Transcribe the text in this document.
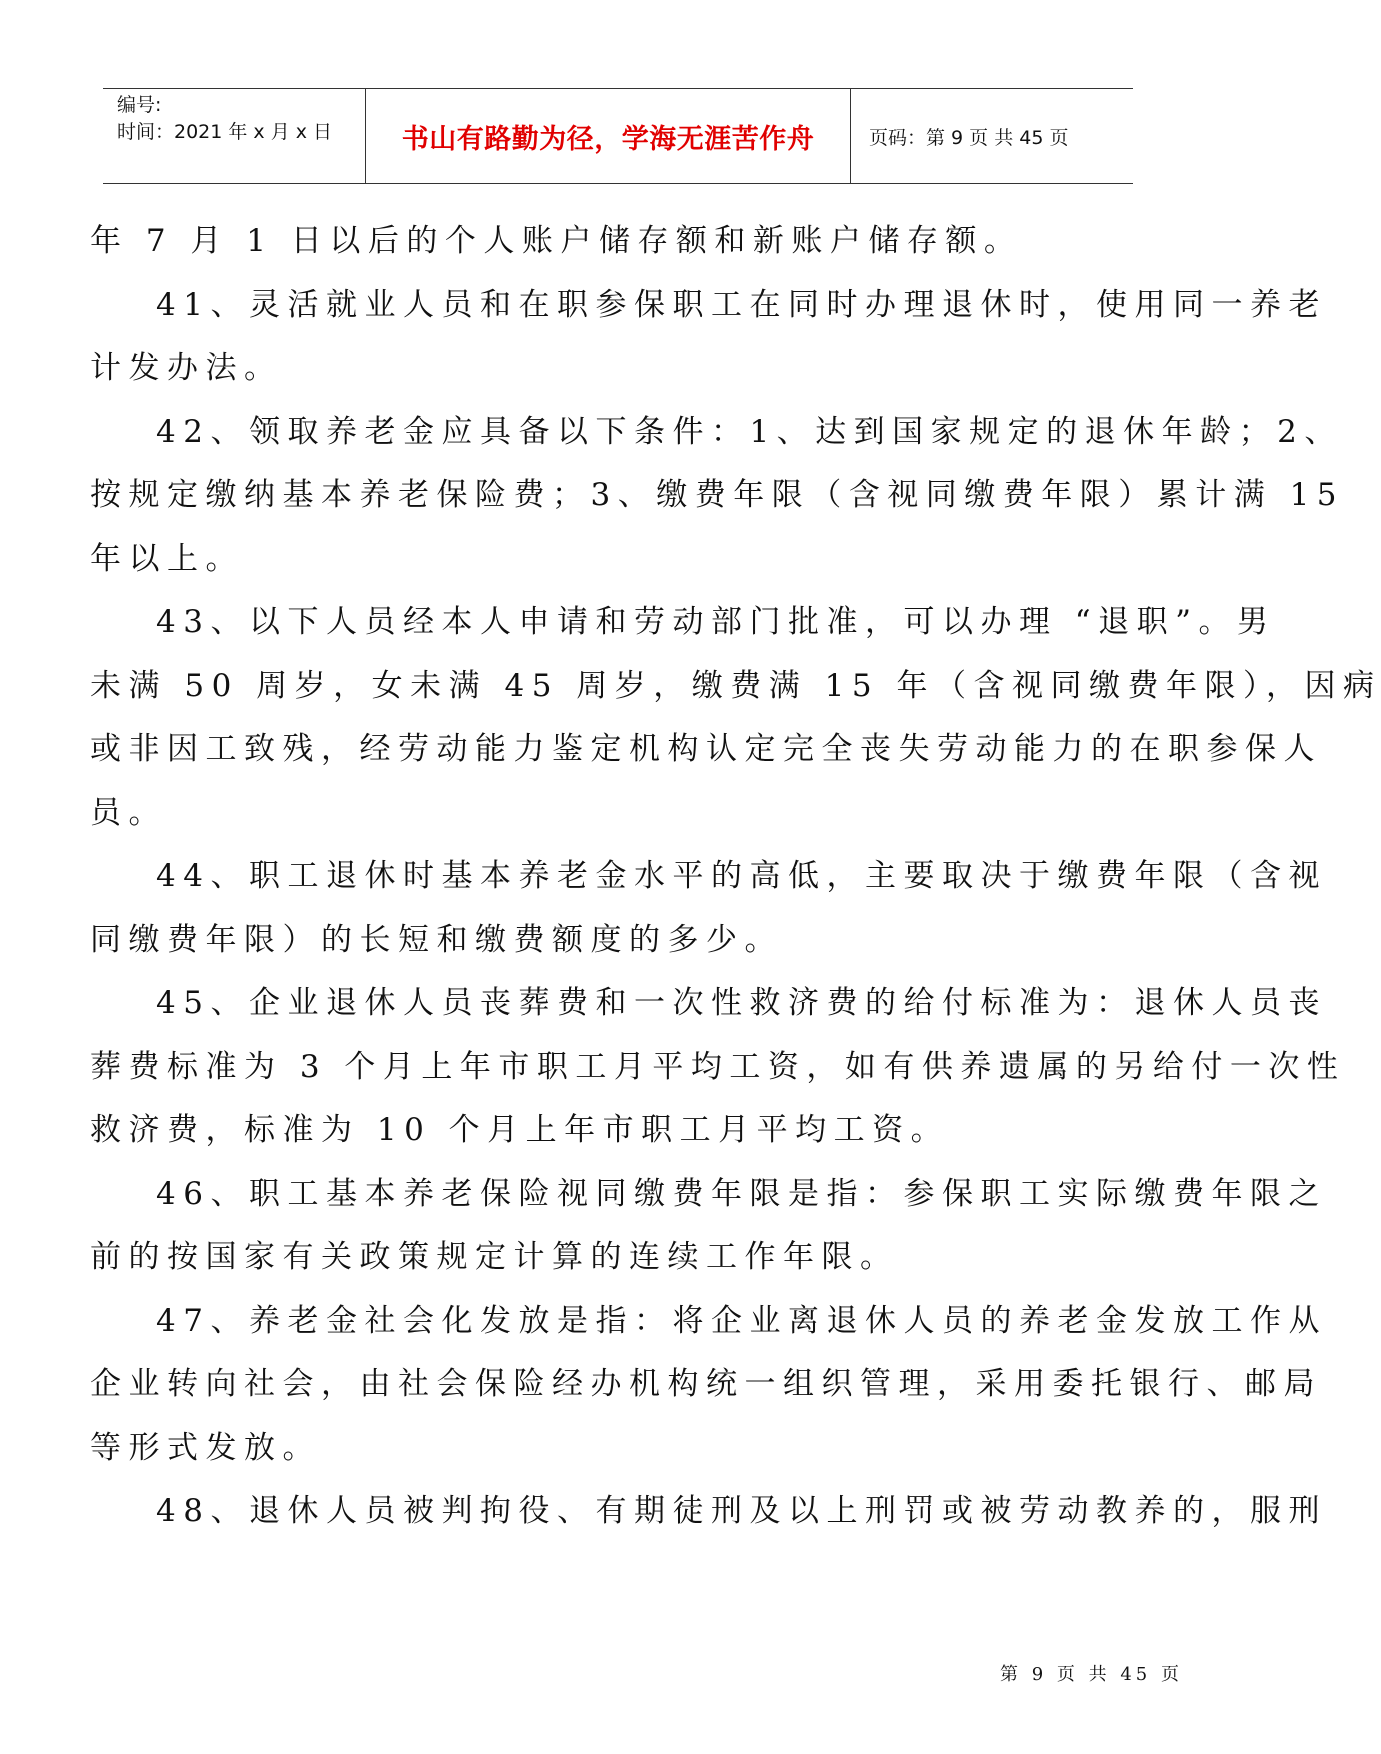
编号:
时间：2021 年 x 月 x 日	书山有路勤为径，学海无涯苦作舟	页码：第 9 页 共 45 页
年 7 月 1 日以后的个人账户储存额和新账户储存额。
41、灵活就业人员和在职参保职工在同时办理退休时，使用同一养老
计发办法。
42、领取养老金应具备以下条件：1、达到国家规定的退休年龄；2、
按规定缴纳基本养老保险费；3、缴费年限（含视同缴费年限）累计满 15
年以上。
43、以下人员经本人申请和劳动部门批准，可以办理 “退职”。男
未满 50 周岁，女未满 45 周岁，缴费满 15 年（含视同缴费年限），因病
或非因工致残，经劳动能力鉴定机构认定完全丧失劳动能力的在职参保人
员。
44、职工退休时基本养老金水平的高低，主要取决于缴费年限（含视
同缴费年限）的长短和缴费额度的多少。
45、企业退休人员丧葬费和一次性救济费的给付标准为：退休人员丧
葬费标准为 3 个月上年市职工月平均工资，如有供养遗属的另给付一次性
救济费，标准为 10 个月上年市职工月平均工资。
46、职工基本养老保险视同缴费年限是指：参保职工实际缴费年限之
前的按国家有关政策规定计算的连续工作年限。
47、养老金社会化发放是指：将企业离退休人员的养老金发放工作从
企业转向社会，由社会保险经办机构统一组织管理，采用委托银行、邮局
等形式发放。
48、退休人员被判拘役、有期徒刑及以上刑罚或被劳动教养的，服刑
第 9 页 共 45 页
